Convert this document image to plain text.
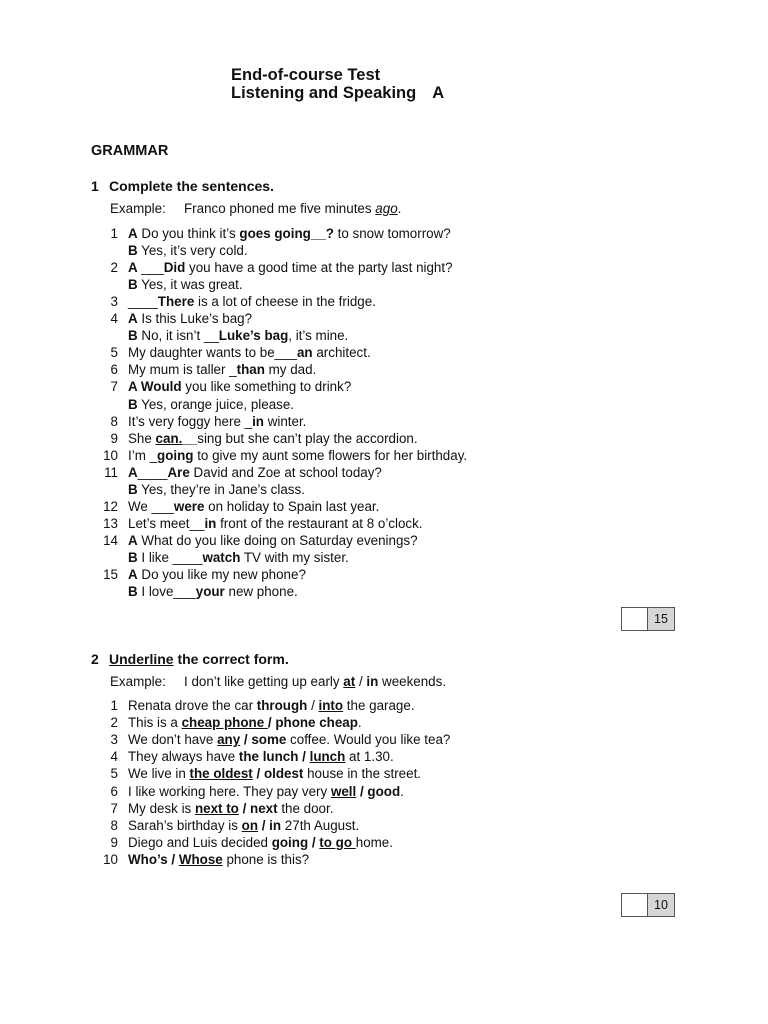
End-of-course Test
Listening and Speaking A
GRAMMAR
1 Complete the sentences.
Example: Franco phoned me five minutes ago.
1 A Do you think it’s goes going__? to snow tomorrow?
B Yes, it’s very cold.
2 A ___Did you have a good time at the party last night?
B Yes, it was great.
3 ____There is a lot of cheese in the fridge.
4 A Is this Luke’s bag?
B No, it isn’t __Luke’s bag, it’s mine.
5 My daughter wants to be___an architect.
6 My mum is taller _than my dad.
7 A Would you like something to drink?
B Yes, orange juice, please.
8 It’s very foggy here _in winter.
9 She can.__sing but she can’t play the accordion.
10 I’m _going to give my aunt some flowers for her birthday.
11 A____Are David and Zoe at school today?
B Yes, they’re in Jane’s class.
12 We ___were on holiday to Spain last year.
13 Let’s meet__in front of the restaurant at 8 o’clock.
14 A What do you like doing on Saturday evenings?
B I like ____watch TV with my sister.
15 A Do you like my new phone?
B I love___your new phone.
15
2 Underline the correct form.
Example: I don’t like getting up early at / in weekends.
1 Renata drove the car through / into the garage.
2 This is a cheap phone / phone cheap.
3 We don’t have any / some coffee. Would you like tea?
4 They always have the lunch / lunch at 1.30.
5 We live in the oldest / oldest house in the street.
6 I like working here. They pay very well / good.
7 My desk is next to / next the door.
8 Sarah’s birthday is on / in 27th August.
9 Diego and Luis decided going / to go home.
10 Who’s / Whose phone is this?
10
